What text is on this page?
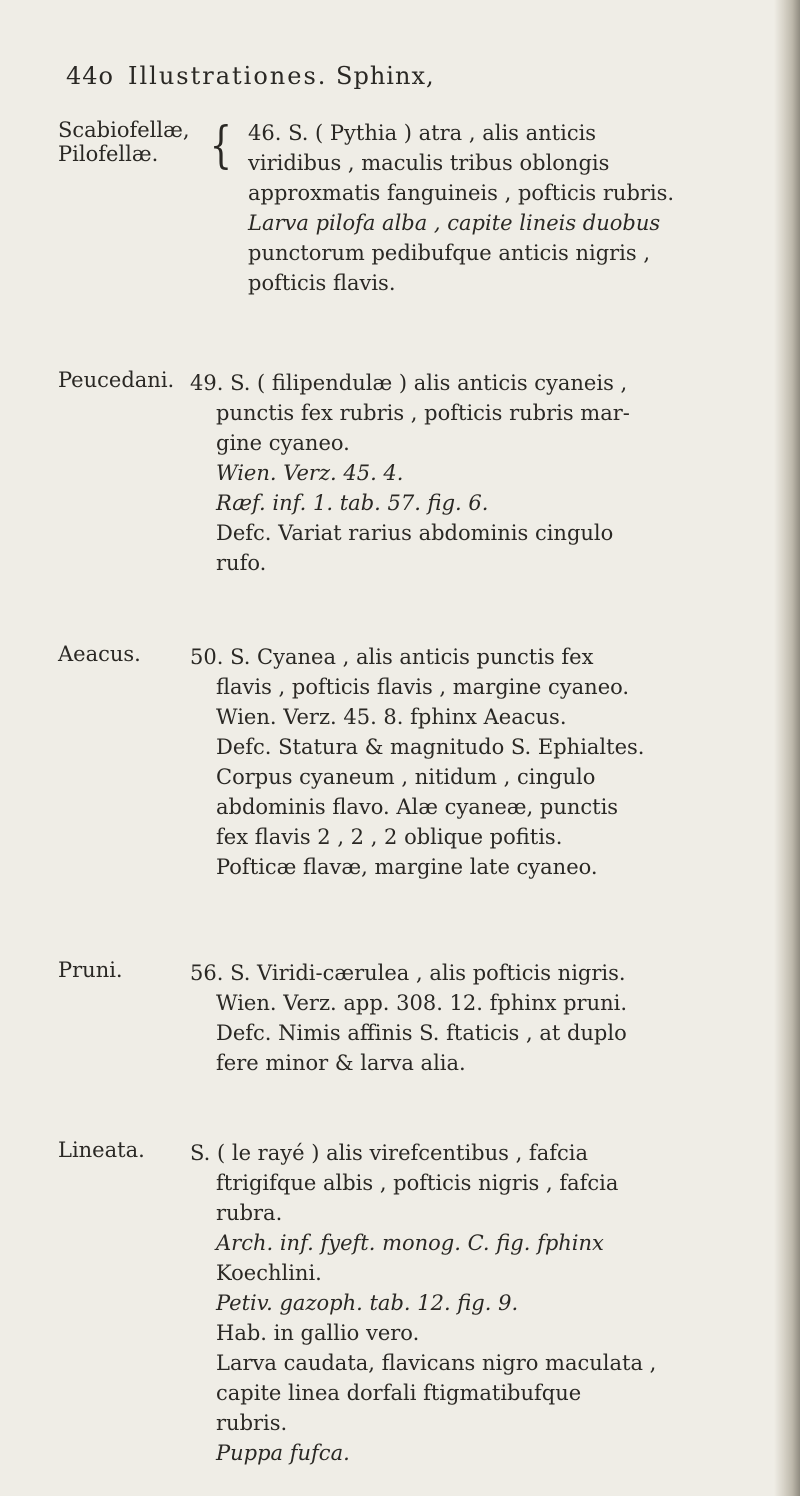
44o Illustrationes. Sphinx,
Scabiofellæ,
Pilofellæ.	{ 46. S. ( Pythia ) atra , alis anticis
viridibus , maculis tribus oblongis
approxmatis fanguineis , pofticis rubris.
Larva pilofa alba , capite lineis duobus
punctorum pedibufque anticis nigris ,
pofticis flavis.
Peucedani. 49. S. ( filipendulæ ) alis anticis cyaneis ,
punctis fex rubris , pofticis rubris mar-
gine cyaneo.
Wien. Verz. 45. 4.
Ræf. inf. 1. tab. 57. fig. 6.
Defc. Variat rarius abdominis cingulo
rufo.
Aeacus. 50. S. Cyanea , alis anticis punctis fex
flavis , pofticis flavis , margine cyaneo.
Wien. Verz. 45. 8. fphinx Aeacus.
Defc. Statura & magnitudo S. Ephialtes.
Corpus cyaneum , nitidum , cingulo
abdominis flavo. Alæ cyaneæ, punctis
fex flavis 2 , 2 , 2 oblique pofitis.
Pofticæ flavæ, margine late cyaneo.
Pruni.	56. S. Viridi-cærulea , alis pofticis nigris.
Wien. Verz. app. 308. 12. fphinx pruni.
Defc. Nimis affinis S. ftaticis , at duplo
fere minor & larva alia.
Lineata. S. ( le rayé ) alis virefcentibus , fafcia
ftrigifque albis , pofticis nigris , fafcia
rubra.
Arch. inf. fyeft. monog. C. fig. fphinx
Koechlini.
Petiv. gazoph. tab. 12. fig. 9.
Hab. in gallio vero.
Larva caudata, flavicans nigro maculata ,
capite linea dorfali ftigmatibufque
rubris.
Puppa fufca.
